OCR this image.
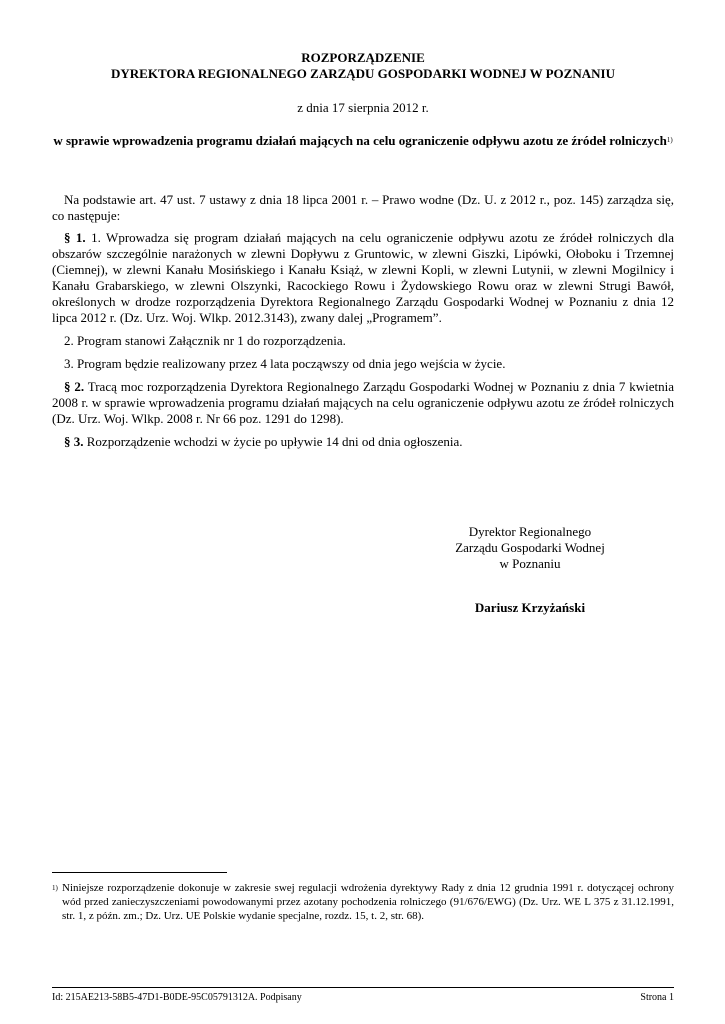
ROZPORZĄDZENIE
DYREKTORA REGIONALNEGO ZARZĄDU GOSPODARKI WODNEJ W POZNANIU
z dnia 17 sierpnia 2012 r.
w sprawie wprowadzenia programu działań mających na celu ograniczenie odpływu azotu ze źródeł rolniczych$^{1)}$

Na podstawie art. 47 ust. 7 ustawy z dnia 18 lipca 2001 r. – Prawo wodne (Dz. U. z 2012 r., poz. 145) zarządza się, co następuje:

§ 1. 1. Wprowadza się program działań mających na celu ograniczenie odpływu azotu ze źródeł rolniczych dla obszarów szczególnie narażonych w zlewni Dopływu z Gruntowic, w zlewni Giszki, Lipówki, Ołoboku i Trzemnej (Ciemnej), w zlewni Kanału Mosińskiego i Kanału Książ, w zlewni Kopli, w zlewni Lutynii, w zlewni Mogilnicy i Kanału Grabarskiego, w zlewni Olszynki, Racockiego Rowu i Żydowskiego Rowu oraz w zlewni Strugi Bawół, określonych w drodze rozporządzenia Dyrektora Regionalnego Zarządu Gospodarki Wodnej w Poznaniu z dnia 12 lipca 2012 r. (Dz. Urz. Woj. Wlkp. 2012.3143), zwany dalej „Programem”.

2. Program stanowi Załącznik nr 1 do rozporządzenia.

3. Program będzie realizowany przez 4 lata począwszy od dnia jego wejścia w życie.

§ 2. Tracą moc rozporządzenia Dyrektora Regionalnego Zarządu Gospodarki Wodnej w Poznaniu z dnia 7 kwietnia 2008 r. w sprawie wprowadzenia programu działań mających na celu ograniczenie odpływu azotu ze źródeł rolniczych (Dz. Urz. Woj. Wlkp. 2008 r. Nr 66 poz. 1291 do 1298).

§ 3. Rozporządzenie wchodzi w życie po upływie 14 dni od dnia ogłoszenia.

Dyrektor Regionalnego
Zarządu Gospodarki Wodnej
w Poznaniu
Dariusz Krzyżański
1) Niniejsze rozporządzenie dokonuje w zakresie swej regulacji wdrożenia dyrektywy Rady z dnia 12 grudnia 1991 r. dotyczącej ochrony wód przed zanieczyszczeniami powodowanymi przez azotany pochodzenia rolniczego (91/676/EWG) (Dz. Urz. WE L 375 z 31.12.1991, str. 1, z późn. zm.; Dz. Urz. UE Polskie wydanie specjalne, rozdz. 15, t. 2, str. 68).
Id: 215AE213-58B5-47D1-B0DE-95C05791312A. Podpisany	Strona 1
